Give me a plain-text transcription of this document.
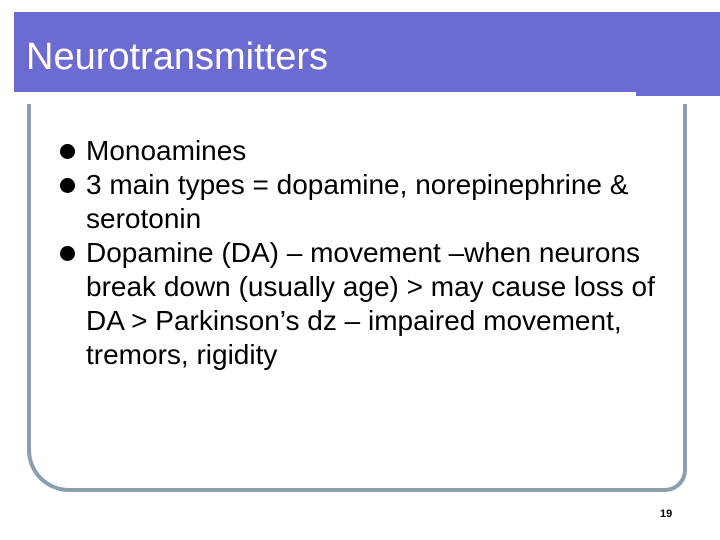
Neurotransmitters
Monoamines
3 main types = dopamine, norepinephrine & serotonin
Dopamine (DA) – movement –when neurons break down (usually age) > may cause loss of DA > Parkinson’s dz – impaired movement, tremors, rigidity
19
